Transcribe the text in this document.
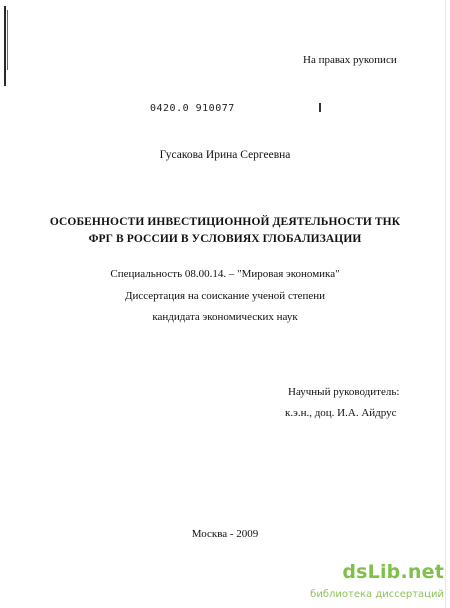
На правах рукописи
0420.0 910077
Гусакова Ирина Сергеевна
ОСОБЕННОСТИ ИНВЕСТИЦИОННОЙ ДЕЯТЕЛЬНОСТИ ТНК
ФРГ В РОССИИ В УСЛОВИЯХ ГЛОБАЛИЗАЦИИ
Специальность 08.00.14. – "Мировая экономика"
Диссертация на соискание ученой степени
кандидата экономических наук
Научный руководитель:
к.э.н., доц. И.А. Айдрус
Москва - 2009
dsLib.net
библиотека диссертаций
